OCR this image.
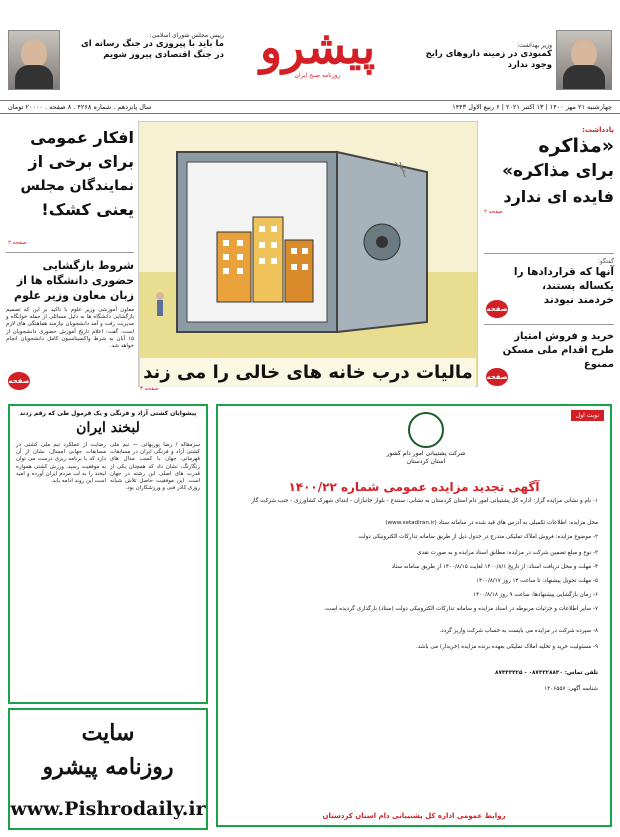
رییس مجلس شورای اسلامی:
ما باید با پیروزی در جنگ رسانه ای
در جنگ اقتصادی پیروز شویم پیشرو
روزنامه صبح ایران
وزیر بهداشت:
کمبودی در زمینه داروهای رایج
وجود ندارد
چهارشنبه ۲۱ مهر ۱۴۰۰ | ۱۳ اکتبر ۲۰۲۱ | ۶ ربیع الاول ۱۴۴۳
سال پانزدهم . شماره ۴۲۶۸ . ۸ صفحه . ۲۰۰۰۰ تومان
یادداشت:
«مذاکره
برای مذاکره»
فایده ای ندارد
صفحه ۲
گفتگو:
آنها که قراردادها را
یکساله بستند،
خردمند نبودند
صفحه
خرید و فروش امتیاز
طرح اقدام ملی مسکن
ممنوع
صفحه
افکار عمومی
برای برخی از
نمایندگان مجلس
یعنی کشک!
صفحه ۲
شروط بازگشایی
حضوری دانشگاه ها از
زبان معاون وزیر علوم
معاون آموزشی وزیر علوم با تاکید بر این که تصمیم بازگشایی دانشگاه ها به دلیل مسائلی از جمله خوابگاه و مدیریت رفت و آمد دانشجویان نیازمند هماهنگی های لازم است، گفت: اعلام تاریخ آموزش حضوری دانشجویان از ۱۵ آبان به شرط واکسیناسیون کامل دانشجویان انجام خواهد شد.
صفحه	مالیات درب خانه های خالی را می زند
صفحه ۳
نوبت اول
شرکت پشتیبانی امور دام کشور
استان کردستان
آگهی تجدید مزایده عمومی شماره ۱۴۰۰/۲۲
۱- نام و نشانی مزایده گزار: اداره کل پشتیبانی امور دام استان کردستان به نشانی: سنندج - بلوار جانبازان - ابتدای شهرک کشاورزی - جنب شرکت گاز
محل مزایده: اطلاعات تکمیلی به آدرس های قید شده در سامانه ستاد (www.setadiran.ir)
۲- موضوع مزایده: فروش املاک تملیکی مندرج در جدول ذیل از طریق سامانه تدارکات الکترونیکی دولت
۳- نوع و مبلغ تضمین شرکت در مزایده: مطابق اسناد مزایده و به صورت نقدی
۴- مهلت و محل دریافت اسناد: از تاریخ ۱۴۰۰/۸/۱ لغایت ۱۴۰۰/۸/۱۵ از طریق سامانه ستاد
۵- مهلت تحویل پیشنهاد: تا ساعت ۱۴ روز ۱۴۰۰/۸/۱۷
۶- زمان بازگشایی پیشنهادها: ساعت ۹ روز ۱۴۰۰/۸/۱۸
۷- سایر اطلاعات و جزئیات مربوطه در اسناد مزایده و سامانه تدارکات الکترونیکی دولت (ستاد) بارگذاری گردیده است.
۸- سپرده شرکت در مزایده می بایست به حساب شرکت واریز گردد.
۹- مسئولیت خرید و تخلیه املاک تملیکی بعهده برنده مزایده (خریدار) می باشد.
تلفن تماس: ۰۸۷۳۳۲۸۸۳۰ - ۸۷۴۴۳۴۲۵
شناسه آگهی: ۱۲۰۶۵۵۷
روابط عمومی اداره کل پشتیبانی دام استان کردستان
پیشوایان کشتی آزاد و فرنگی و یک فرمول طی که رقم زدند
لبخند ایران
سرمقاله / رضا پوربهائی — تیم ملی کشتی آزاد و فرنگی ایران در مسابقات قهرمانی جهان با کسب مدال های رنگارنگ، نشان داد که همچنان یکی از قدرت های اصلی این رشته در جهان است. این موفقیت حاصل تلاش شبانه روزی کادر فنی و ورزشکاران بود.
رضایت از عملکرد تیم ملی کشتی در مسابقات جهانی امسال، نشان از آن دارد که با برنامه ریزی درست می توان به موفقیت رسید. ورزش کشتی همواره لبخند را به لب مردم ایران آورده و امید است این روند ادامه یابد.
سایت
روزنامه پیشرو
www.Pishrodaily.ir
